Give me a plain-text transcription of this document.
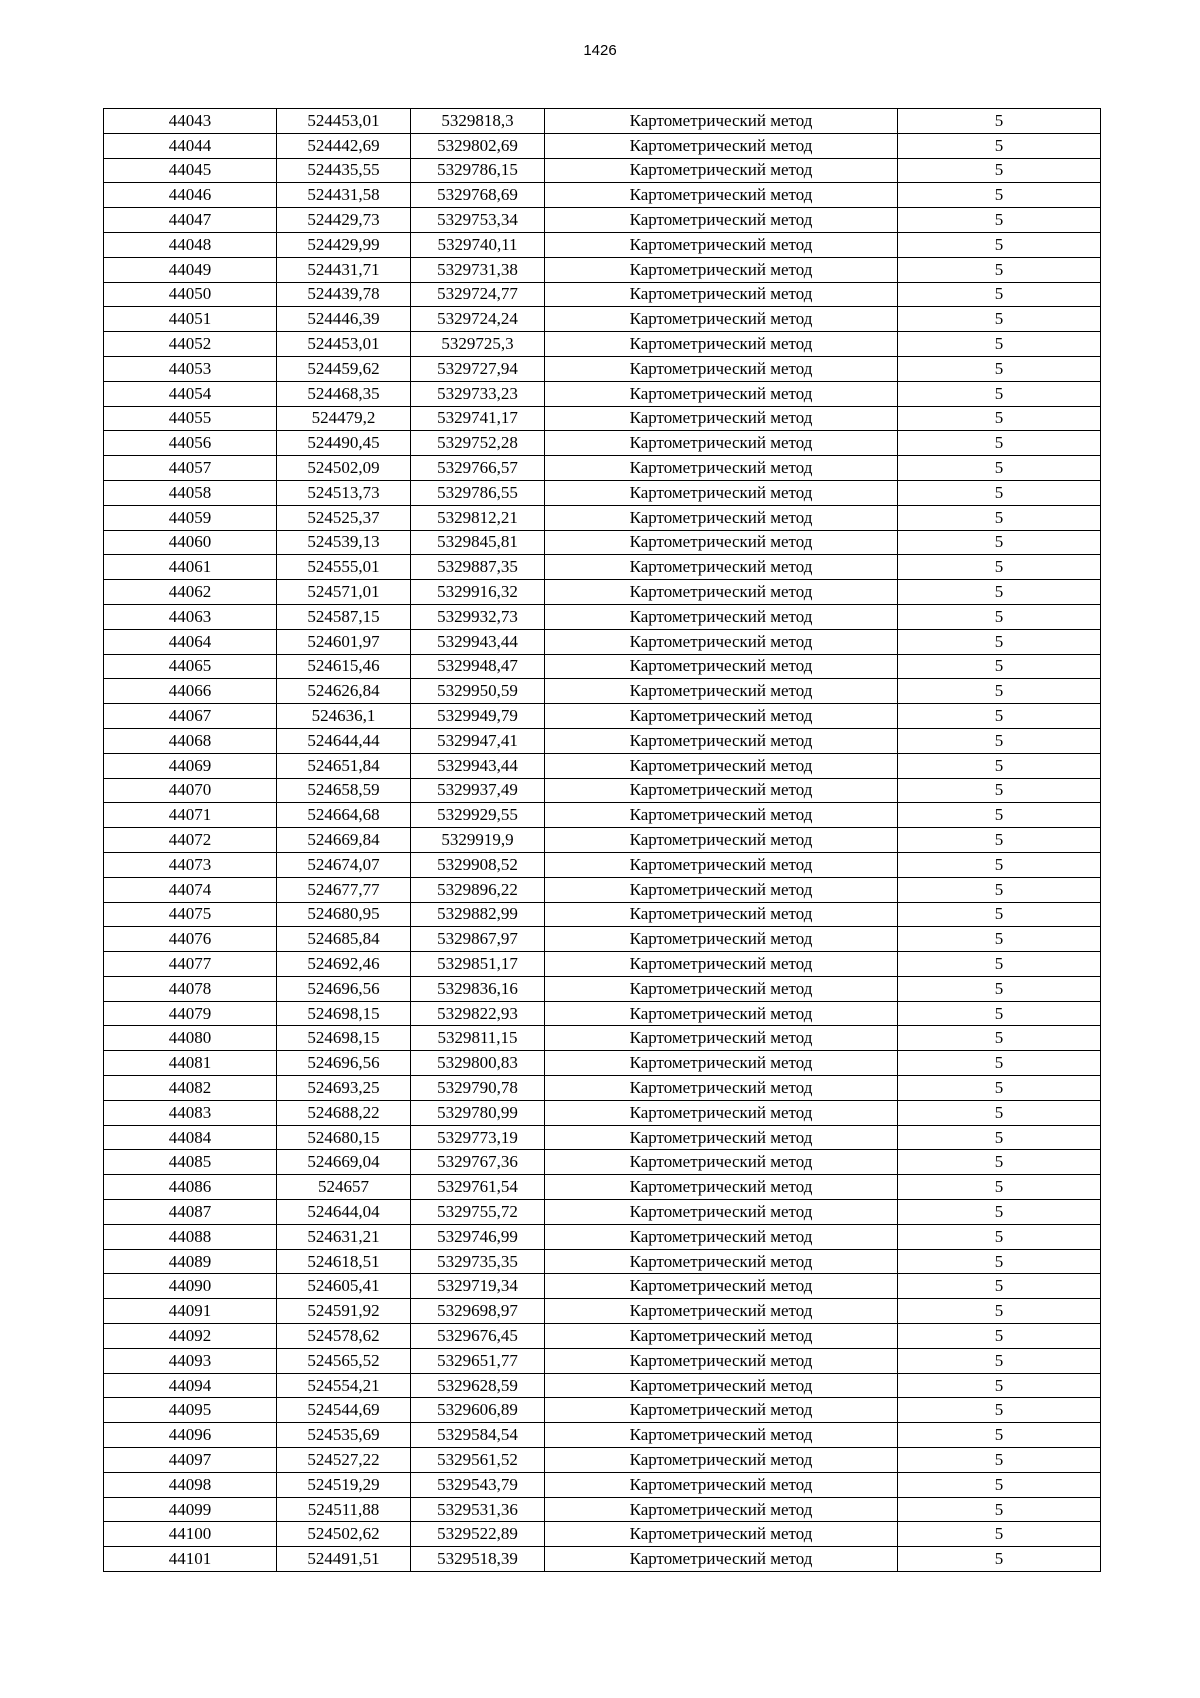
1426
44043	524453,01	5329818,3	Картометрический метод	5
44044	524442,69	5329802,69	Картометрический метод	5
44045	524435,55	5329786,15	Картометрический метод	5
44046	524431,58	5329768,69	Картометрический метод	5
44047	524429,73	5329753,34	Картометрический метод	5
44048	524429,99	5329740,11	Картометрический метод	5
44049	524431,71	5329731,38	Картометрический метод	5
44050	524439,78	5329724,77	Картометрический метод	5
44051	524446,39	5329724,24	Картометрический метод	5
44052	524453,01	5329725,3	Картометрический метод	5
44053	524459,62	5329727,94	Картометрический метод	5
44054	524468,35	5329733,23	Картометрический метод	5
44055	524479,2	5329741,17	Картометрический метод	5
44056	524490,45	5329752,28	Картометрический метод	5
44057	524502,09	5329766,57	Картометрический метод	5
44058	524513,73	5329786,55	Картометрический метод	5
44059	524525,37	5329812,21	Картометрический метод	5
44060	524539,13	5329845,81	Картометрический метод	5
44061	524555,01	5329887,35	Картометрический метод	5
44062	524571,01	5329916,32	Картометрический метод	5
44063	524587,15	5329932,73	Картометрический метод	5
44064	524601,97	5329943,44	Картометрический метод	5
44065	524615,46	5329948,47	Картометрический метод	5
44066	524626,84	5329950,59	Картометрический метод	5
44067	524636,1	5329949,79	Картометрический метод	5
44068	524644,44	5329947,41	Картометрический метод	5
44069	524651,84	5329943,44	Картометрический метод	5
44070	524658,59	5329937,49	Картометрический метод	5
44071	524664,68	5329929,55	Картометрический метод	5
44072	524669,84	5329919,9	Картометрический метод	5
44073	524674,07	5329908,52	Картометрический метод	5
44074	524677,77	5329896,22	Картометрический метод	5
44075	524680,95	5329882,99	Картометрический метод	5
44076	524685,84	5329867,97	Картометрический метод	5
44077	524692,46	5329851,17	Картометрический метод	5
44078	524696,56	5329836,16	Картометрический метод	5
44079	524698,15	5329822,93	Картометрический метод	5
44080	524698,15	5329811,15	Картометрический метод	5
44081	524696,56	5329800,83	Картометрический метод	5
44082	524693,25	5329790,78	Картометрический метод	5
44083	524688,22	5329780,99	Картометрический метод	5
44084	524680,15	5329773,19	Картометрический метод	5
44085	524669,04	5329767,36	Картометрический метод	5
44086	524657	5329761,54	Картометрический метод	5
44087	524644,04	5329755,72	Картометрический метод	5
44088	524631,21	5329746,99	Картометрический метод	5
44089	524618,51	5329735,35	Картометрический метод	5
44090	524605,41	5329719,34	Картометрический метод	5
44091	524591,92	5329698,97	Картометрический метод	5
44092	524578,62	5329676,45	Картометрический метод	5
44093	524565,52	5329651,77	Картометрический метод	5
44094	524554,21	5329628,59	Картометрический метод	5
44095	524544,69	5329606,89	Картометрический метод	5
44096	524535,69	5329584,54	Картометрический метод	5
44097	524527,22	5329561,52	Картометрический метод	5
44098	524519,29	5329543,79	Картометрический метод	5
44099	524511,88	5329531,36	Картометрический метод	5
44100	524502,62	5329522,89	Картометрический метод	5
44101	524491,51	5329518,39	Картометрический метод	5
